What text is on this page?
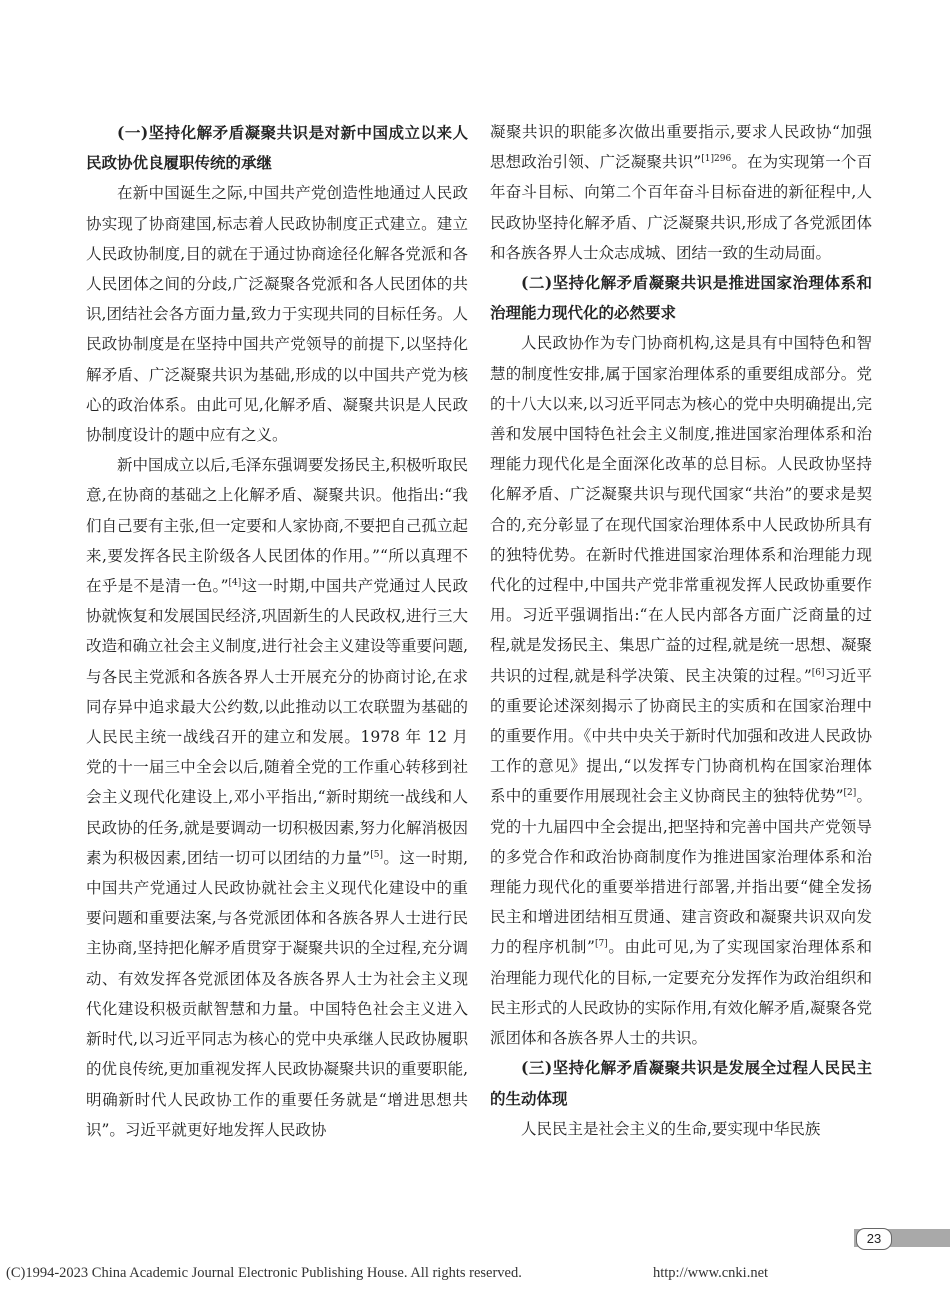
(一)坚持化解矛盾凝聚共识是对新中国成立以来人民政协优良履职传统的承继

在新中国诞生之际,中国共产党创造性地通过人民政协实现了协商建国,标志着人民政协制度正式建立。建立人民政协制度,目的就在于通过协商途径化解各党派和各人民团体之间的分歧,广泛凝聚各党派和各人民团体的共识,团结社会各方面力量,致力于实现共同的目标任务。人民政协制度是在坚持中国共产党领导的前提下,以坚持化解矛盾、广泛凝聚共识为基础,形成的以中国共产党为核心的政治体系。由此可见,化解矛盾、凝聚共识是人民政协制度设计的题中应有之义。

新中国成立以后,毛泽东强调要发扬民主,积极听取民意,在协商的基础之上化解矛盾、凝聚共识。他指出:“我们自己要有主张,但一定要和人家协商,不要把自己孤立起来,要发挥各民主阶级各人民团体的作用。”“所以真理不在乎是不是清一色。”[4]这一时期,中国共产党通过人民政协就恢复和发展国民经济,巩固新生的人民政权,进行三大改造和确立社会主义制度,进行社会主义建设等重要问题,与各民主党派和各族各界人士开展充分的协商讨论,在求同存异中追求最大公约数,以此推动以工农联盟为基础的人民民主统一战线召开的建立和发展。1978 年 12 月党的十一届三中全会以后,随着全党的工作重心转移到社会主义现代化建设上,邓小平指出,“新时期统一战线和人民政协的任务,就是要调动一切积极因素,努力化解消极因素为积极因素,团结一切可以团结的力量”[5]。这一时期,中国共产党通过人民政协就社会主义现代化建设中的重要问题和重要法案,与各党派团体和各族各界人士进行民主协商,坚持把化解矛盾贯穿于凝聚共识的全过程,充分调动、有效发挥各党派团体及各族各界人士为社会主义现代化建设积极贡献智慧和力量。中国特色社会主义进入新时代,以习近平同志为核心的党中央承继人民政协履职的优良传统,更加重视发挥人民政协凝聚共识的重要职能,明确新时代人民政协工作的重要任务就是“增进思想共识”。习近平就更好地发挥人民政协

凝聚共识的职能多次做出重要指示,要求人民政协“加强思想政治引领、广泛凝聚共识”$^{[1]296}$。在为实现第一个百年奋斗目标、向第二个百年奋斗目标奋进的新征程中,人民政协坚持化解矛盾、广泛凝聚共识,形成了各党派团体和各族各界人士众志成城、团结一致的生动局面。

(二)坚持化解矛盾凝聚共识是推进国家治理体系和治理能力现代化的必然要求

人民政协作为专门协商机构,这是具有中国特色和智慧的制度性安排,属于国家治理体系的重要组成部分。党的十八大以来,以习近平同志为核心的党中央明确提出,完善和发展中国特色社会主义制度,推进国家治理体系和治理能力现代化是全面深化改革的总目标。人民政协坚持化解矛盾、广泛凝聚共识与现代国家“共治”的要求是契合的,充分彰显了在现代国家治理体系中人民政协所具有的独特优势。在新时代推进国家治理体系和治理能力现代化的过程中,中国共产党非常重视发挥人民政协重要作用。习近平强调指出:“在人民内部各方面广泛商量的过程,就是发扬民主、集思广益的过程,就是统一思想、凝聚共识的过程,就是科学决策、民主决策的过程。”[6]习近平的重要论述深刻揭示了协商民主的实质和在国家治理中的重要作用。《中共中央关于新时代加强和改进人民政协工作的意见》提出,“以发挥专门协商机构在国家治理体系中的重要作用展现社会主义协商民主的独特优势”[2]。党的十九届四中全会提出,把坚持和完善中国共产党领导的多党合作和政治协商制度作为推进国家治理体系和治理能力现代化的重要举措进行部署,并指出要“健全发扬民主和增进团结相互贯通、建言资政和凝聚共识双向发力的程序机制”[7]。由此可见,为了实现国家治理体系和治理能力现代化的目标,一定要充分发挥作为政治组织和民主形式的人民政协的实际作用,有效化解矛盾,凝聚各党派团体和各族各界人士的共识。

(三)坚持化解矛盾凝聚共识是发展全过程人民民主的生动体现

人民民主是社会主义的生命,要实现中华民族

23
(C)1994-2023 China Academic Journal Electronic Publishing House. All rights reserved.	http://www.cnki.net
